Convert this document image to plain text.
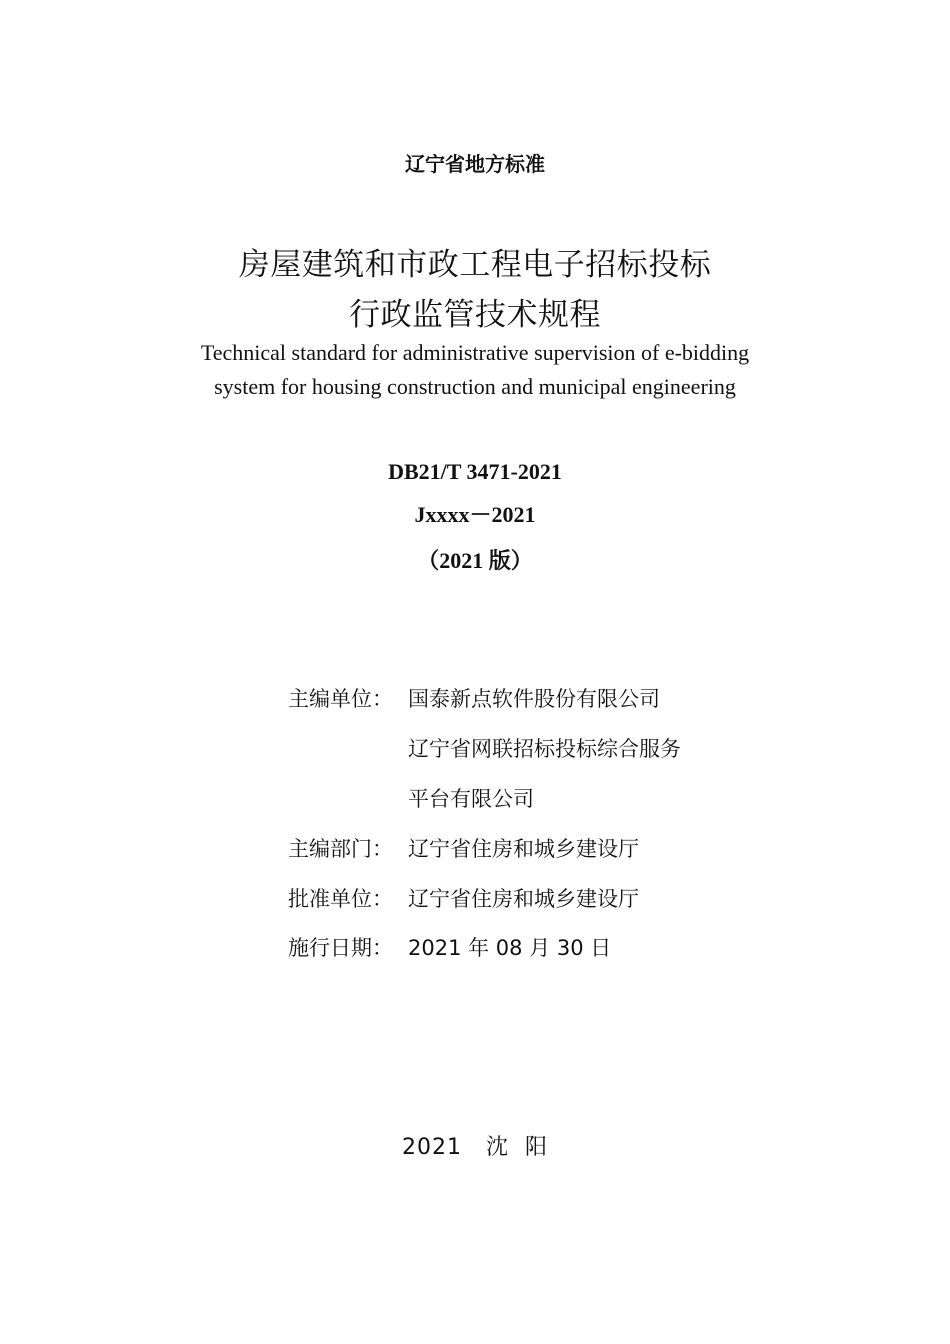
辽宁省地方标准
房屋建筑和市政工程电子招标投标
行政监管技术规程
Technical standard for administrative supervision of e-bidding
system for housing construction and municipal engineering
DB21/T 3471-2021
Jxxxx－2021
（2021 版）
主编单位： 国泰新点软件股份有限公司
辽宁省网联招标投标综合服务
平台有限公司
主编部门： 辽宁省住房和城乡建设厅
批准单位： 辽宁省住房和城乡建设厅
施行日期： 2021 年 08 月 30 日
2021   沈  阳
